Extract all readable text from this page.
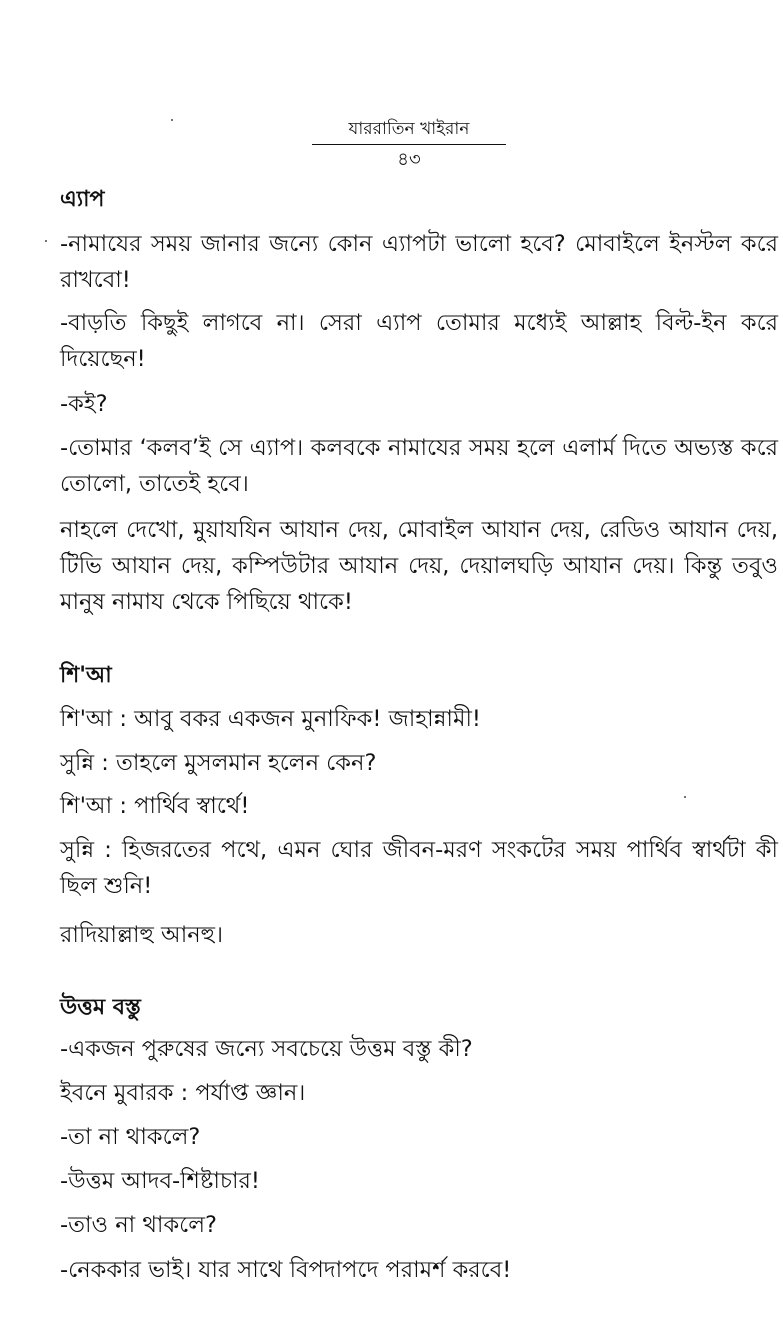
যাররাতিন খাইরান
৪৩
এ্যাপ
-নামাযের সময় জানার জন্যে কোন এ্যাপটা ভালো হবে? মোবাইলে ইনস্টল করে রাখবো!
-বাড়তি কিছুই লাগবে না। সেরা এ্যাপ তোমার মধ্যেই আল্লাহ বিল্ট-ইন করে দিয়েছেন!
-কই?
-তোমার ‘কলব’ই সে এ্যাপ। কলবকে নামাযের সময় হলে এলার্ম দিতে অভ্যস্ত করে তোলো, তাতেই হবে।
নাহলে দেখো, মুয়াযযিন আযান দেয়, মোবাইল আযান দেয়, রেডিও আযান দেয়, টিভি আযান দেয়, কম্পিউটার আযান দেয়, দেয়ালঘড়ি আযান দেয়। কিন্তু তবুও মানুষ নামায থেকে পিছিয়ে থাকে!
শি'আ
শি'আ : আবু বকর একজন মুনাফিক! জাহান্নামী!
সুন্নি : তাহলে মুসলমান হলেন কেন?
শি'আ : পার্থিব স্বার্থে!
সুন্নি : হিজরতের পথে, এমন ঘোর জীবন-মরণ সংকটের সময় পার্থিব স্বার্থটা কী ছিল শুনি!
রাদিয়াল্লাহু আনহু।
উত্তম বস্তু
-একজন পুরুষের জন্যে সবচেয়ে উত্তম বস্তু কী?
ইবনে মুবারক : পর্যাপ্ত জ্ঞান।
-তা না থাকলে?
-উত্তম আদব-শিষ্টাচার!
-তাও না থাকলে?
-নেককার ভাই। যার সাথে বিপদাপদে পরামর্শ করবে!
